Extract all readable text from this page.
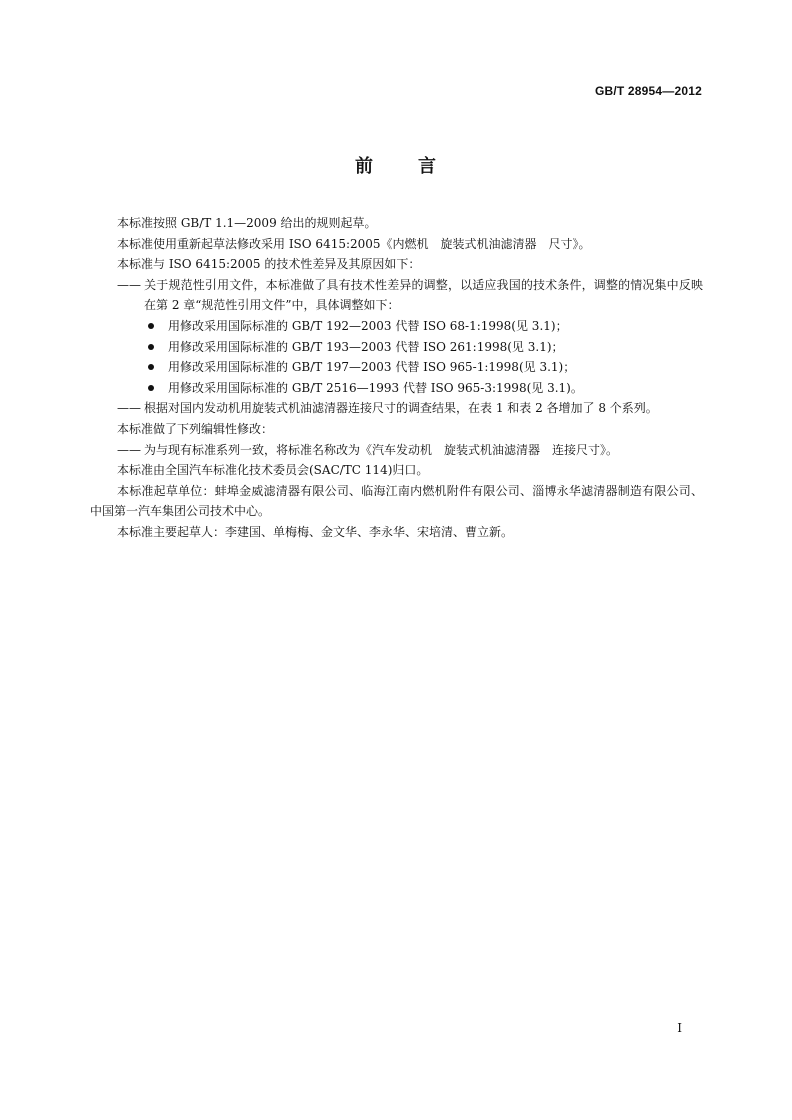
GB/T 28954—2012
前 言

本标准按照 GB/T 1.1—2009 给出的规则起草。

本标准使用重新起草法修改采用 ISO 6415:2005《内燃机　旋装式机油滤清器　尺寸》。

本标准与 ISO 6415:2005 的技术性差异及其原因如下：

—— 关于规范性引用文件，本标准做了具有技术性差异的调整，以适应我国的技术条件，调整的情况集中反映在第 2 章“规范性引用文件”中，具体调整如下：

用修改采用国际标准的 GB/T 192—2003 代替 ISO 68-1:1998(见 3.1)；

用修改采用国际标准的 GB/T 193—2003 代替 ISO 261:1998(见 3.1)；

用修改采用国际标准的 GB/T 197—2003 代替 ISO 965-1:1998(见 3.1)；

用修改采用国际标准的 GB/T 2516—1993 代替 ISO 965-3:1998(见 3.1)。

—— 根据对国内发动机用旋装式机油滤清器连接尺寸的调查结果，在表 1 和表 2 各增加了 8 个系列。

本标准做了下列编辑性修改：

—— 为与现有标准系列一致，将标准名称改为《汽车发动机　旋装式机油滤清器　连接尺寸》。

本标准由全国汽车标准化技术委员会(SAC/TC 114)归口。

本标准起草单位：蚌埠金威滤清器有限公司、临海江南内燃机附件有限公司、淄博永华滤清器制造有限公司、中国第一汽车集团公司技术中心。

本标准主要起草人：李建国、单梅梅、金文华、李永华、宋培清、曹立新。

I
